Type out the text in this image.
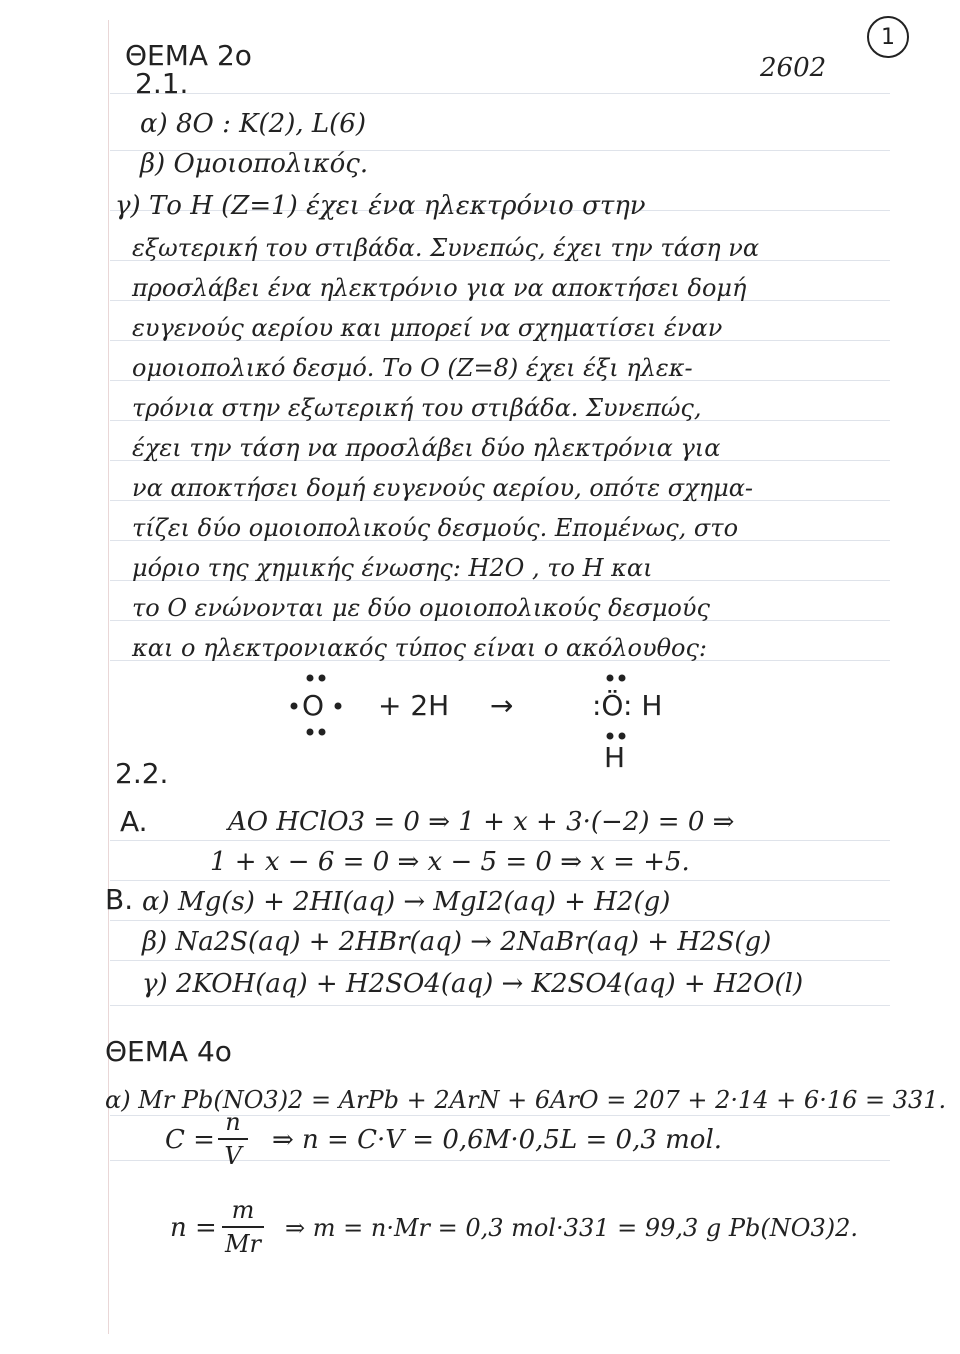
1
ΘΕΜΑ 2ο	2602
2.1.
α) 8O : K(2), L(6)
β) Ομοιοπολικός.
γ) Το H (Z=1) έχει ένα ηλεκτρόνιο στην
εξωτερική του στιβάδα. Συνεπώς, έχει την τάση να
προσλάβει ένα ηλεκτρόνιο για να αποκτήσει δομή
ευγενούς αερίου και μπορεί να σχηματίσει έναν
ομοιοπολικό δεσμό. Το O (Z=8) έχει έξι ηλεκ-
τρόνια στην εξωτερική του στιβάδα. Συνεπώς,
έχει την τάση να προσλάβει δύο ηλεκτρόνια για
να αποκτήσει δομή ευγενούς αερίου, οπότε σχημα-
τίζει δύο ομοιοπολικούς δεσμούς. Επομένως, στο
μόριο της χημικής ένωσης: H2O , το H και
το O ενώνονται με δύο ομοιοπολικούς δεσμούς
και ο ηλεκτρονιακός τύπος είναι ο ακόλουθος:
O + 2H →	:Ö: H
H
2.2.
A.	ΑΟ HClO3 = 0 ⇒ 1 + x + 3·(−2) = 0 ⇒
1 + x − 6 = 0 ⇒ x − 5 = 0 ⇒ x = +5.
B. α) Mg(s) + 2HI(aq) → MgI2(aq) + H2(g)
β) Na2S(aq) + 2HBr(aq) → 2NaBr(aq) + H2S(g)
γ) 2KOH(aq) + H2SO4(aq) → K2SO4(aq) + H2O(l)
ΘΕΜΑ 4ο
α) Mr Pb(NO3)2 = ArPb + 2ArN + 6ArO = 207 + 2·14 + 6·16 = 331.
C =
n
V
⇒ n = C·V = 0,6M·0,5L = 0,3 mol.
n =
m
Mr
⇒ m = n·Mr = 0,3 mol·331 = 99,3 g Pb(NO3)2.
